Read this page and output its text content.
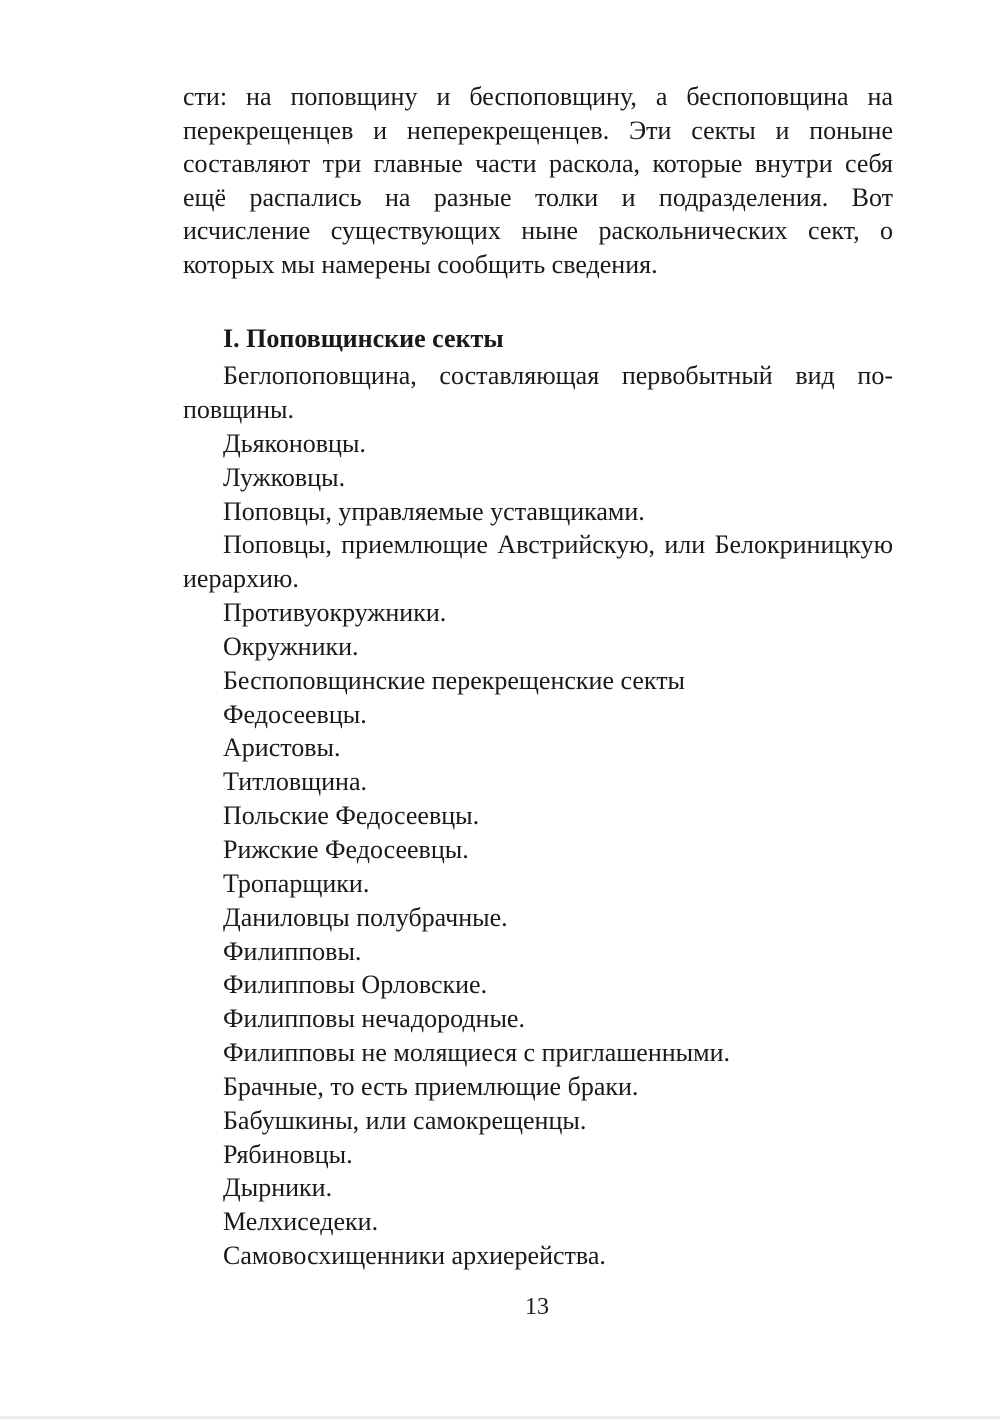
сти: на поповщину и беспоповщину, а беспоповщина на перекрещенцев и неперекрещенцев. Эти секты и поныне составляют три главные части раскола, которые внутри себя ещё распались на разные толки и подразделения. Вот исчисление существующих ныне раскольнических сект, о которых мы намерены сообщить сведения.

I. Поповщинские секты
Беглопоповщина, составляющая первобытный вид поповщины.
Дьяконовцы.
Лужковцы.
Поповцы, управляемые уставщиками.
Поповцы, приемлющие Австрийскую, или Белокриницкую иерархию.
Противуокружники.
Окружники.
Беспоповщинские перекрещенские секты
Федосеевцы.
Аристовы.
Титловщина.
Польские Федосеевцы.
Рижские Федосеевцы.
Тропарщики.
Даниловцы полубрачные.
Филипповы.
Филипповы Орловские.
Филипповы нечадородные.
Филипповы не молящиеся с приглашенными.
Брачные, то есть приемлющие браки.
Бабушкины, или самокрещенцы.
Рябиновцы.
Дырники.
Мелхиседеки.
Самовосхищенники архиерейства.
13
